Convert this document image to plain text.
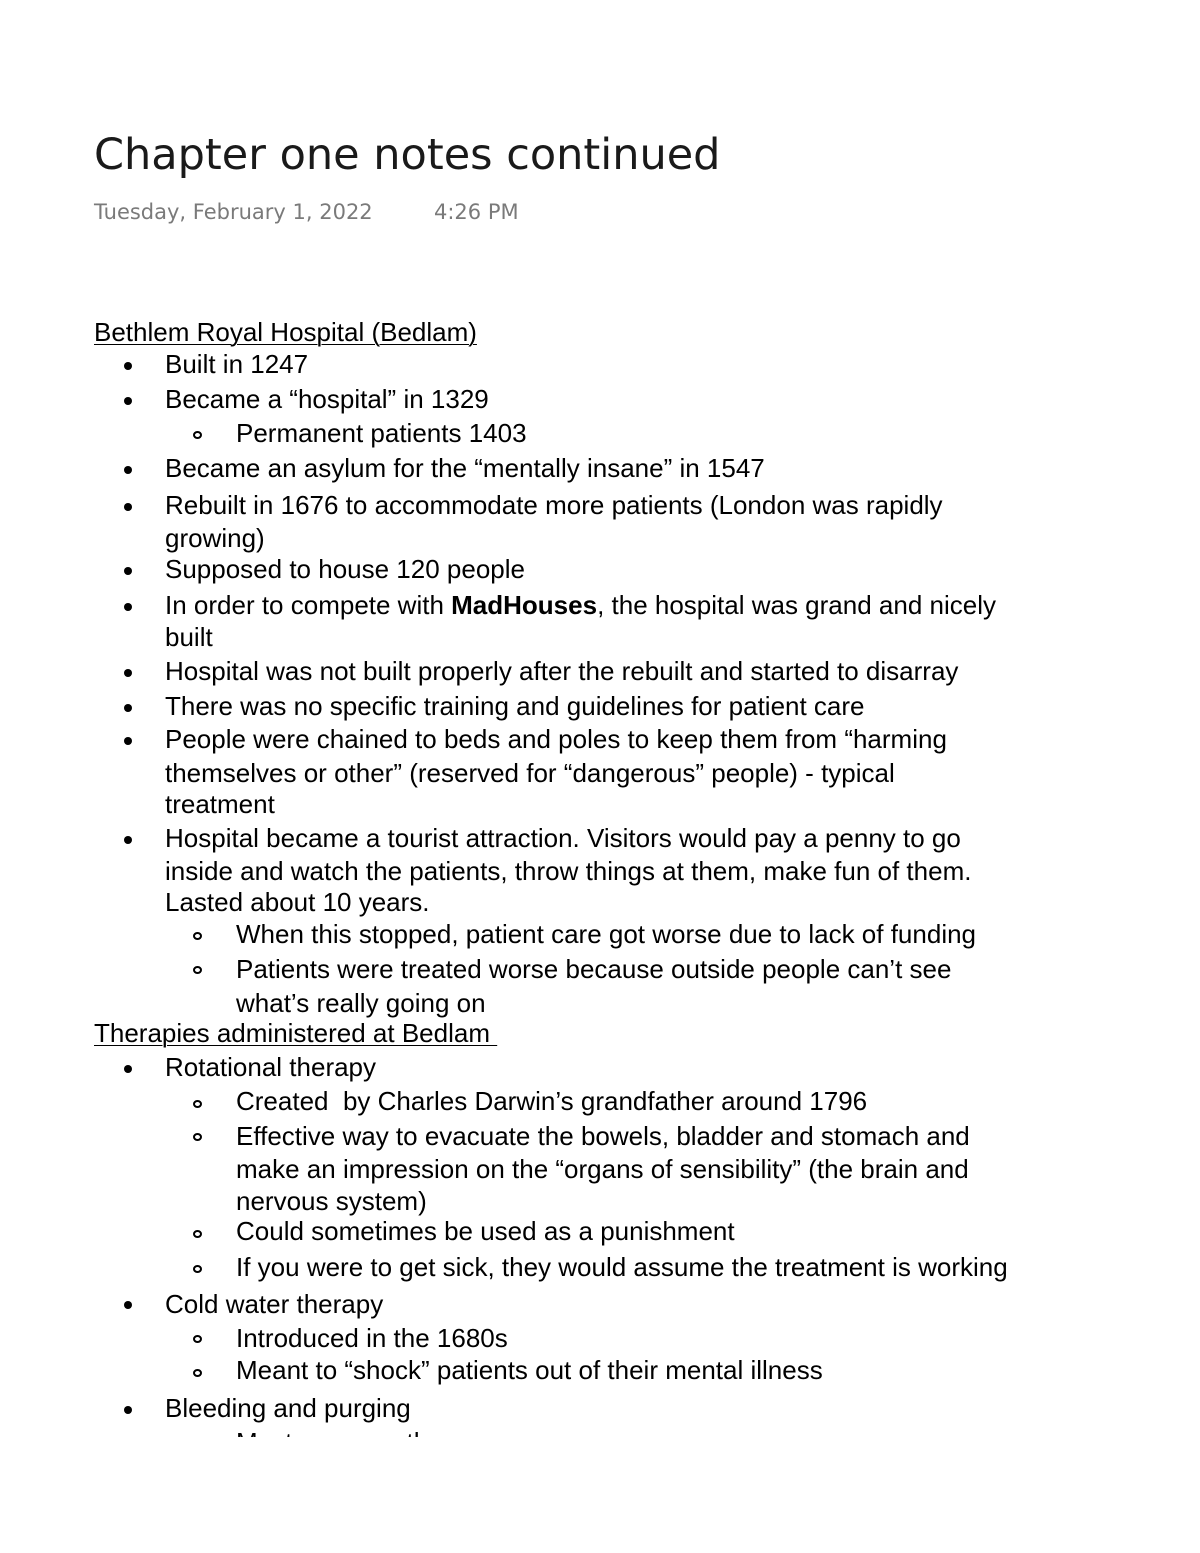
Chapter one notes continued
Tuesday, February 1, 2022	4:26 PM
Bethlem Royal Hospital (Bedlam)
Built in 1247
Became a “hospital” in 1329
Permanent patients 1403
Became an asylum for the “mentally insane” in 1547
Rebuilt in 1676 to accommodate more patients (London was rapidly
growing)
Supposed to house 120 people
In order to compete with MadHouses, the hospital was grand and nicely
built
Hospital was not built properly after the rebuilt and started to disarray
There was no specific training and guidelines for patient care
People were chained to beds and poles to keep them from “harming
themselves or other” (reserved for “dangerous” people) - typical
treatment
Hospital became a tourist attraction. Visitors would pay a penny to go
inside and watch the patients, throw things at them, make fun of them.
Lasted about 10 years.
When this stopped, patient care got worse due to lack of funding
Patients were treated worse because outside people can’t see
what’s really going on
Therapies administered at Bedlam
Rotational therapy
Created  by Charles Darwin’s grandfather around 1796
Effective way to evacuate the bowels, bladder and stomach and
make an impression on the “organs of sensibility” (the brain and
nervous system)
Could sometimes be used as a punishment
If you were to get sick, they would assume the treatment is working
Cold water therapy
Introduced in the 1680s
Meant to “shock” patients out of their mental illness
Bleeding and purging
